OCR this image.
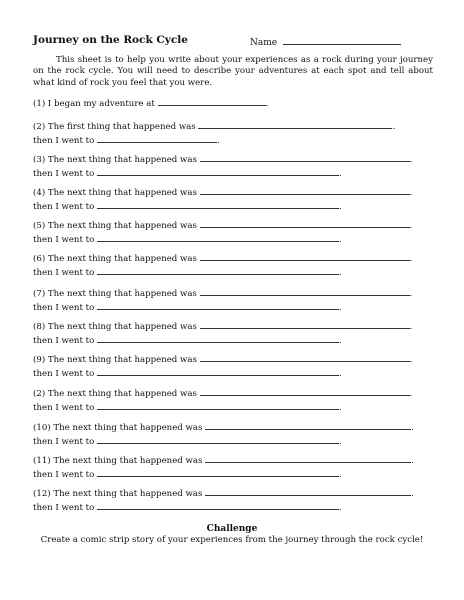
Journey on the Rock Cycle	Name
This sheet is to help you write about your experiences as a rock during your journey on the rock cycle. You will need to describe your adventures at each spot and tell about what kind of rock you feel that you were.
(1) I began my adventure at	.
(2) The first thing that happened was	.
then I went to	.
(3) The next thing that happened was	.
then I went to	.
(4) The next thing that happened was	.
then I went to	.
(5) The next thing that happened was	.
then I went to	.
(6) The next thing that happened was	.
then I went to	.
(7) The next thing that happened was	.
then I went to	.
(8) The next thing that happened was	.
then I went to	.
(9) The next thing that happened was	.
then I went to	.
(2) The next thing that happened was	.
then I went to	.
(10) The next thing that happened was	.
then I went to	.
(11) The next thing that happened was	.
then I went to	.
(12) The next thing that happened was	.
then I went to	.
Challenge
Create a comic strip story of your experiences from the journey through the rock cycle!
